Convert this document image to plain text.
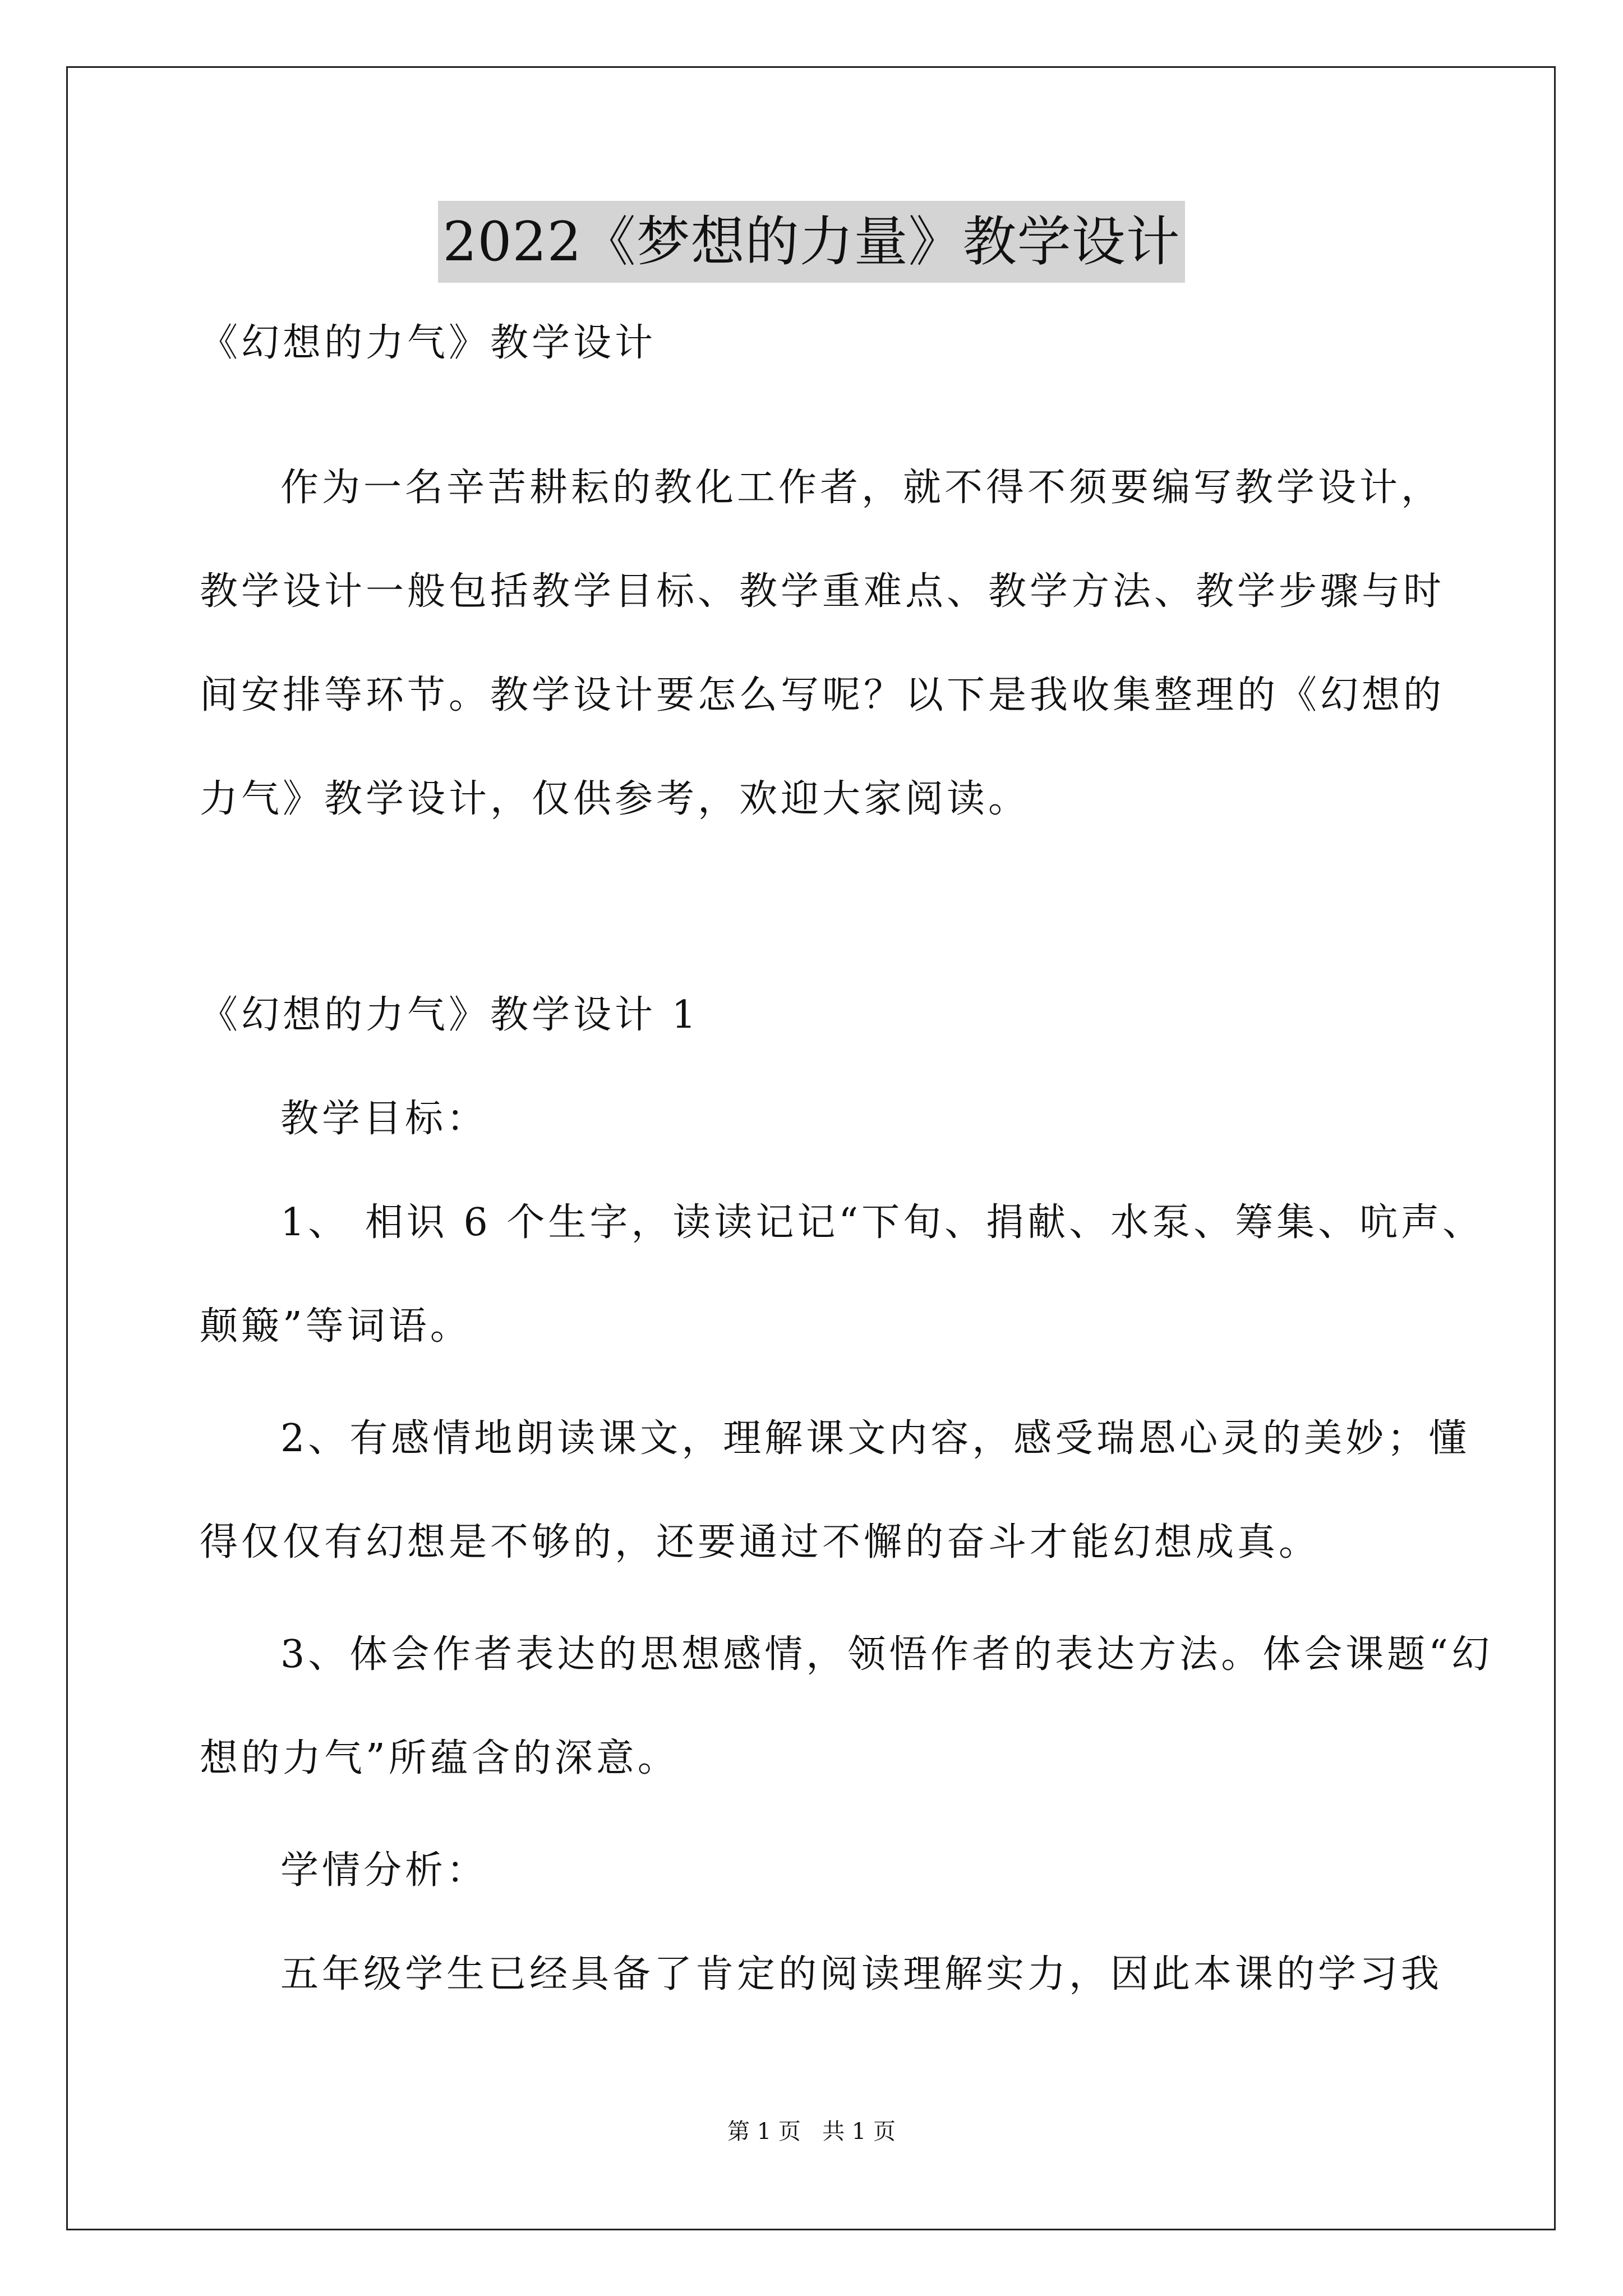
2022《梦想的力量》教学设计
《幻想的力气》教学设计
作为一名辛苦耕耘的教化工作者，就不得不须要编写教学设计，
教学设计一般包括教学目标、教学重难点、教学方法、教学步骤与时
间安排等环节。教学设计要怎么写呢？以下是我收集整理的《幻想的
力气》教学设计，仅供参考，欢迎大家阅读。
《幻想的力气》教学设计 1
教学目标：
1、 相识 6 个生字，读读记记“下旬、捐献、水泵、筹集、吭声、
颠簸”等词语。
2、有感情地朗读课文，理解课文内容，感受瑞恩心灵的美妙；懂
得仅仅有幻想是不够的，还要通过不懈的奋斗才能幻想成真。
3、体会作者表达的思想感情，领悟作者的表达方法。体会课题“幻
想的力气”所蕴含的深意。
学情分析：
五年级学生已经具备了肯定的阅读理解实力，因此本课的学习我
第 1 页   共 1 页
